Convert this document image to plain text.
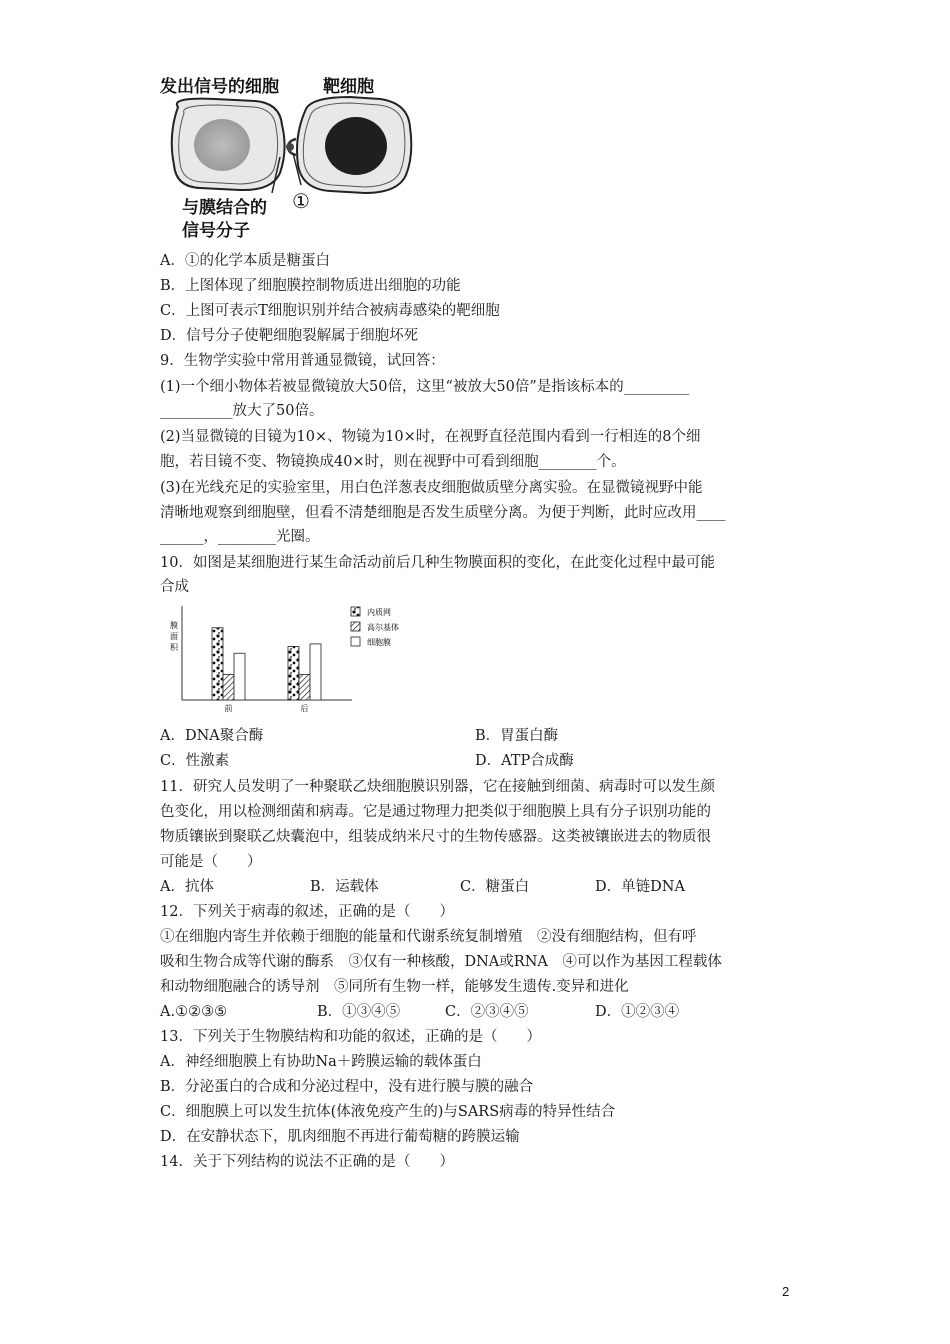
发出信号的细胞	靶细胞
与膜结合的
信号分子
①
A．①的化学本质是糖蛋白
B．上图体现了细胞膜控制物质进出细胞的功能
C．上图可表示T细胞识别并结合被病毒感染的靶细胞
D．信号分子使靶细胞裂解属于细胞坏死
9．生物学实验中常用普通显微镜，试回答：
(1)一个细小物体若被显微镜放大50倍，这里“被放大50倍”是指该标本的_________
__________放大了50倍。
(2)当显微镜的目镜为10×、物镜为10×时，在视野直径范围内看到一行相连的8个细
胞，若目镜不变、物镜换成40×时，则在视野中可看到细胞________个。
(3)在光线充足的实验室里，用白色洋葱表皮细胞做质壁分离实验。在显微镜视野中能
清晰地观察到细胞壁，但看不清楚细胞是否发生质壁分离。为便于判断，此时应改用____
______，________光圈。
10．如图是某细胞进行某生命活动前后几种生物膜面积的变化，在此变化过程中最可能
合成
膜面积
前	后
内质网
高尔基体
细胞膜
A．DNA聚合酶	B．胃蛋白酶
C．性激素	D．ATP合成酶
11．研究人员发明了一种聚联乙炔细胞膜识别器，它在接触到细菌、病毒时可以发生颜
色变化，用以检测细菌和病毒。它是通过物理力把类似于细胞膜上具有分子识别功能的
物质镶嵌到聚联乙炔囊泡中，组装成纳米尺寸的生物传感器。这类被镶嵌进去的物质很
可能是（　　）
A．抗体	B．运载体	C．糖蛋白	D．单链DNA
12．下列关于病毒的叙述，正确的是（　　）
①在细胞内寄生并依赖于细胞的能量和代谢系统复制增殖　②没有细胞结构，但有呼
吸和生物合成等代谢的酶系　③仅有一种核酸，DNA或RNA　④可以作为基因工程载体
和动物细胞融合的诱导剂　⑤同所有生物一样，能够发生遗传.变异和进化
A.①②③⑤	B．①③④⑤	C．②③④⑤	D．①②③④
13．下列关于生物膜结构和功能的叙述，正确的是（　　）
A．神经细胞膜上有协助Na＋跨膜运输的载体蛋白
B．分泌蛋白的合成和分泌过程中，没有进行膜与膜的融合
C．细胞膜上可以发生抗体(体液免疫产生的)与SARS病毒的特异性结合
D．在安静状态下，肌肉细胞不再进行葡萄糖的跨膜运输
14．关于下列结构的说法不正确的是（　　）
2
